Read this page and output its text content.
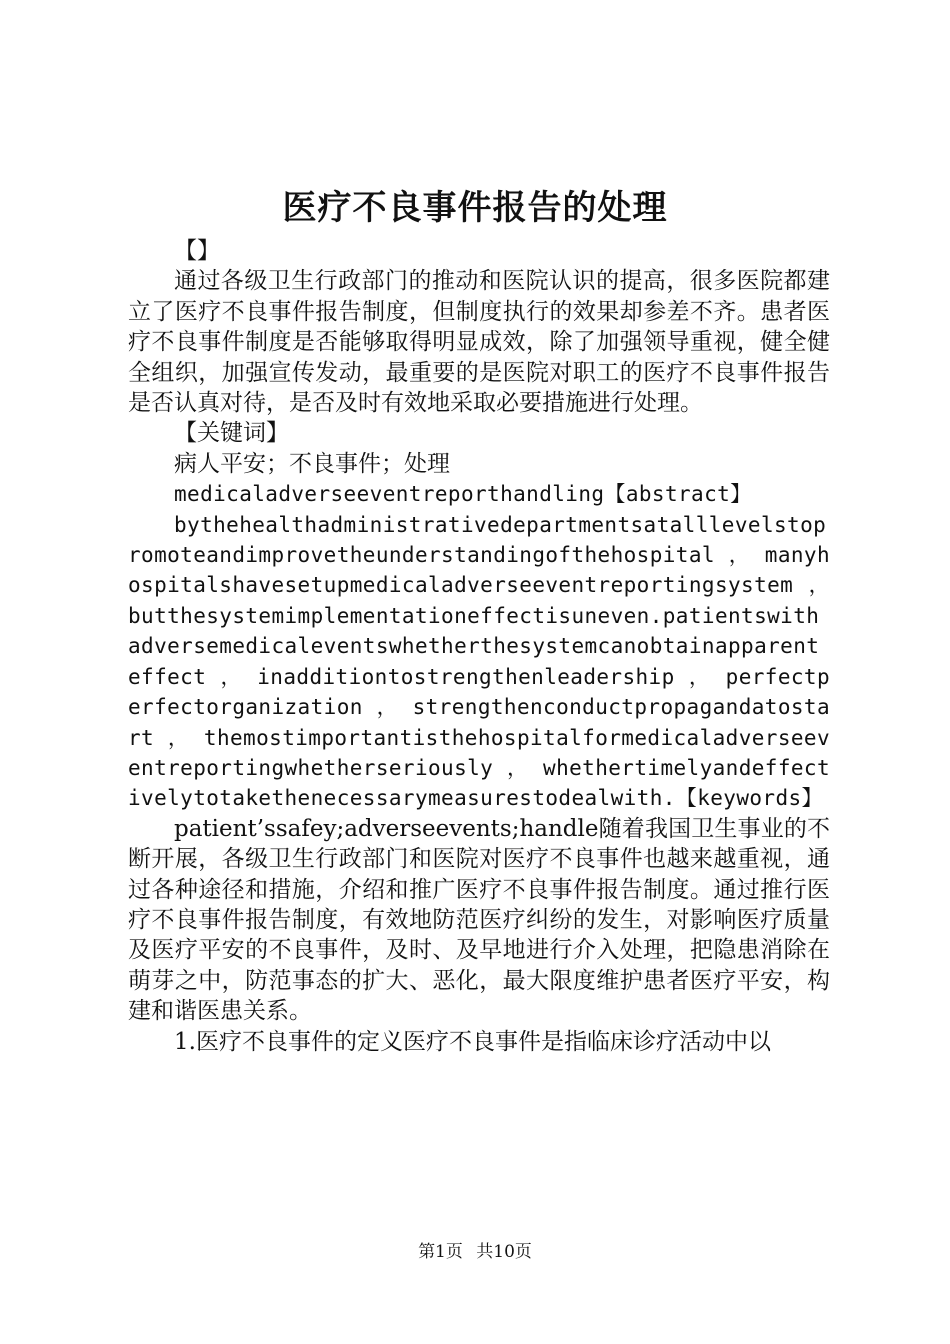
医疗不良事件报告的处理

【】

通过各级卫生行政部门的推动和医院认识的提高，很多医院都建立了医疗不良事件报告制度，但制度执行的效果却参差不齐。患者医疗不良事件制度是否能够取得明显成效，除了加强领导重视，健全健全组织，加强宣传发动，最重要的是医院对职工的医疗不良事件报告是否认真对待，是否及时有效地采取必要措施进行处理。

【关键词】

病人平安；不良事件；处理

medicaladverseeventreporthandling【abstract】

bythehealthadministrativedepartmentsatalllevelstopromoteandimprovetheunderstandingofthehospital ， manyhospitalshavesetupmedicaladverseeventreportingsystem ， butthesystemimplementationeffectisuneven.patientswithadversemedicaleventswhetherthesystemcanobtainapparenteffect ， inadditiontostrengthenleadership ， perfectperfectorganization ， strengthenconductpropagandatostart ， themostimportantisthehospitalformedicaladverseeventreportingwhetherseriously ， whethertimelyandeffectivelytotakethenecessarymeasurestodealwith.【keywords】

patient’ssafey;adverseevents;handle随着我国卫生事业的不断开展，各级卫生行政部门和医院对医疗不良事件也越来越重视，通过各种途径和措施，介绍和推广医疗不良事件报告制度。通过推行医疗不良事件报告制度，有效地防范医疗纠纷的发生，对影响医疗质量及医疗平安的不良事件，及时、及早地进行介入处理，把隐患消除在萌芽之中，防范事态的扩大、恶化，最大限度维护患者医疗平安，构建和谐医患关系。

1.医疗不良事件的定义医疗不良事件是指临床诊疗活动中以

第1页 共10页
